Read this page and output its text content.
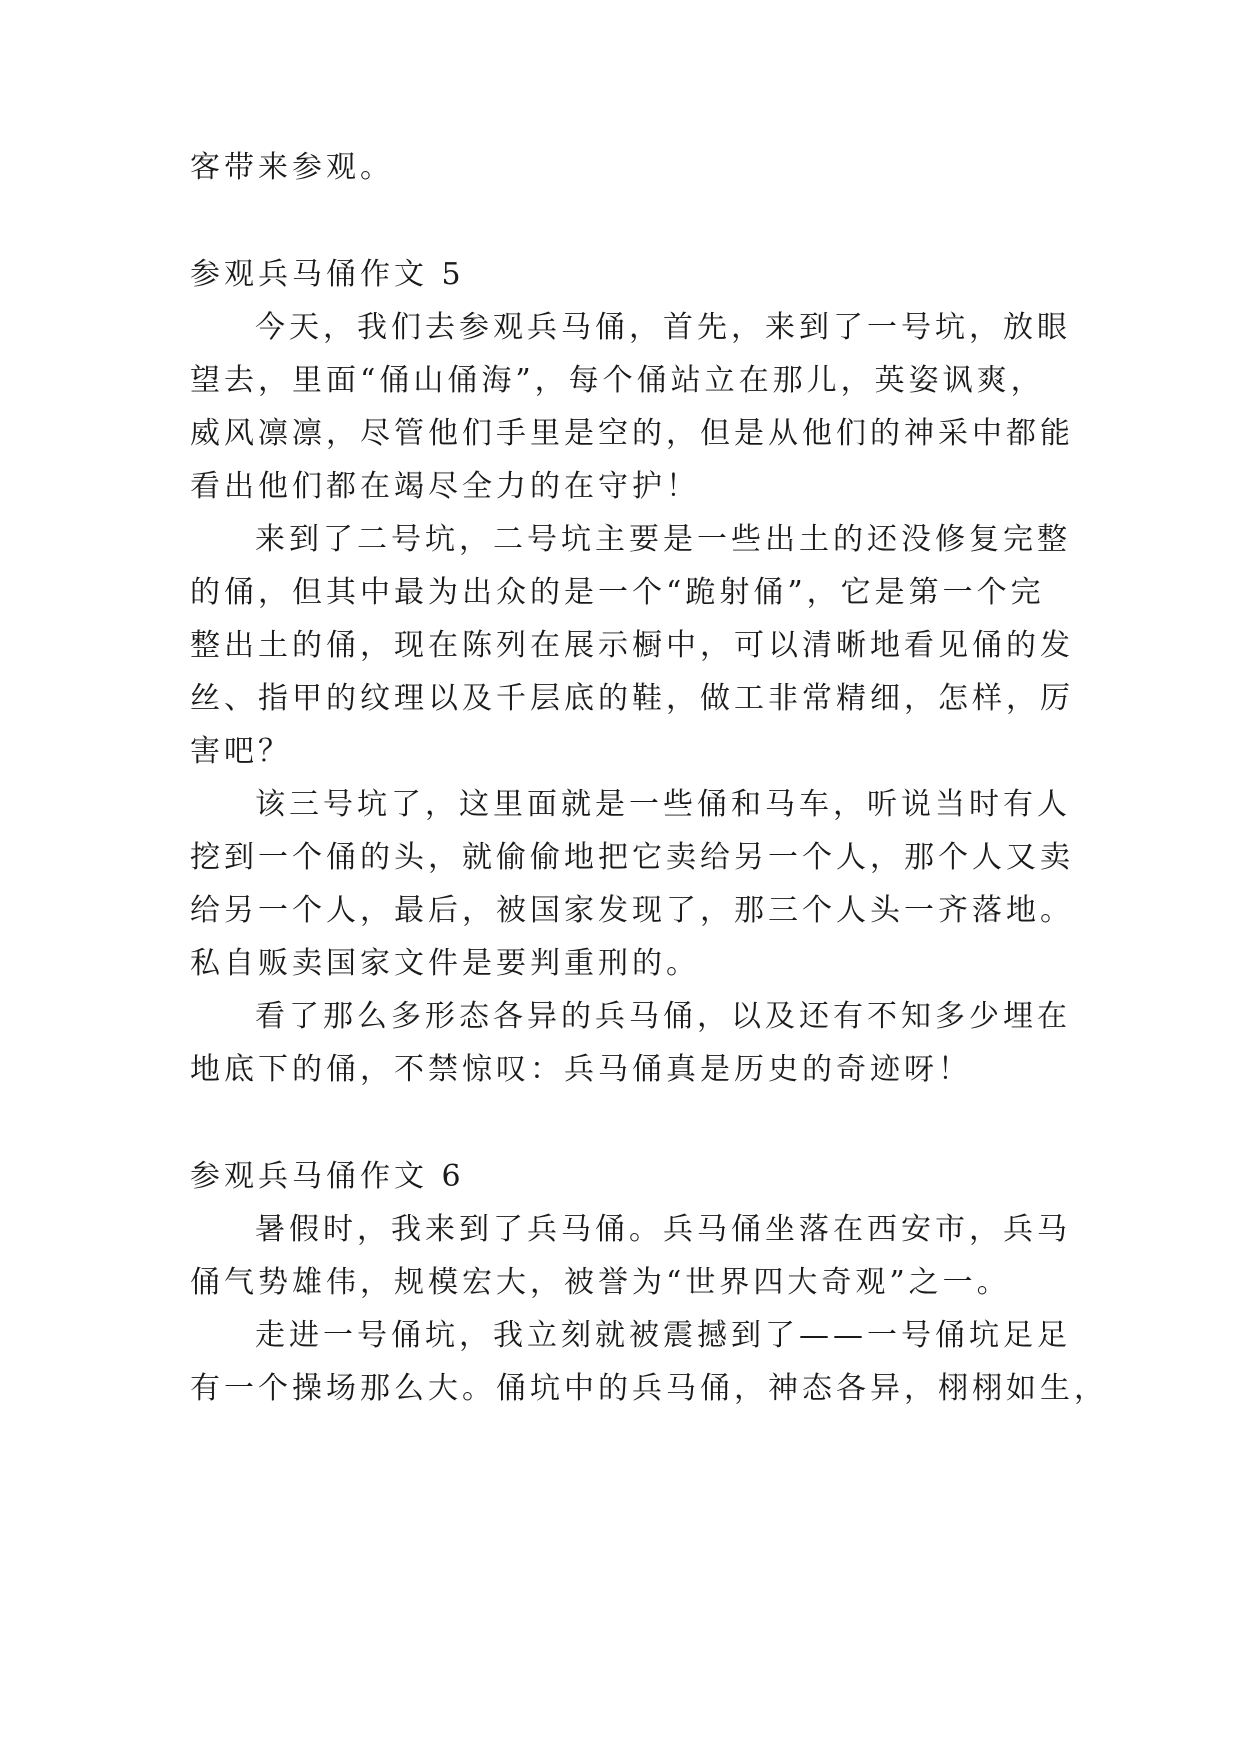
客带来参观。
参观兵马俑作文 5
今天，我们去参观兵马俑，首先，来到了一号坑，放眼
望去，里面“俑山俑海”，每个俑站立在那儿，英姿讽爽，
威风凛凛，尽管他们手里是空的，但是从他们的神采中都能
看出他们都在竭尽全力的在守护！
来到了二号坑，二号坑主要是一些出土的还没修复完整
的俑，但其中最为出众的是一个“跪射俑”，它是第一个完
整出土的俑，现在陈列在展示橱中，可以清晰地看见俑的发
丝、指甲的纹理以及千层底的鞋，做工非常精细，怎样，厉
害吧？
该三号坑了，这里面就是一些俑和马车，听说当时有人
挖到一个俑的头，就偷偷地把它卖给另一个人，那个人又卖
给另一个人，最后，被国家发现了，那三个人头一齐落地。
私自贩卖国家文件是要判重刑的。
看了那么多形态各异的兵马俑，以及还有不知多少埋在
地底下的俑，不禁惊叹：兵马俑真是历史的奇迹呀！
参观兵马俑作文 6
暑假时，我来到了兵马俑。兵马俑坐落在西安市，兵马
俑气势雄伟，规模宏大，被誉为“世界四大奇观”之一。
走进一号俑坑，我立刻就被震撼到了——一号俑坑足足
有一个操场那么大。俑坑中的兵马俑，神态各异，栩栩如生，
